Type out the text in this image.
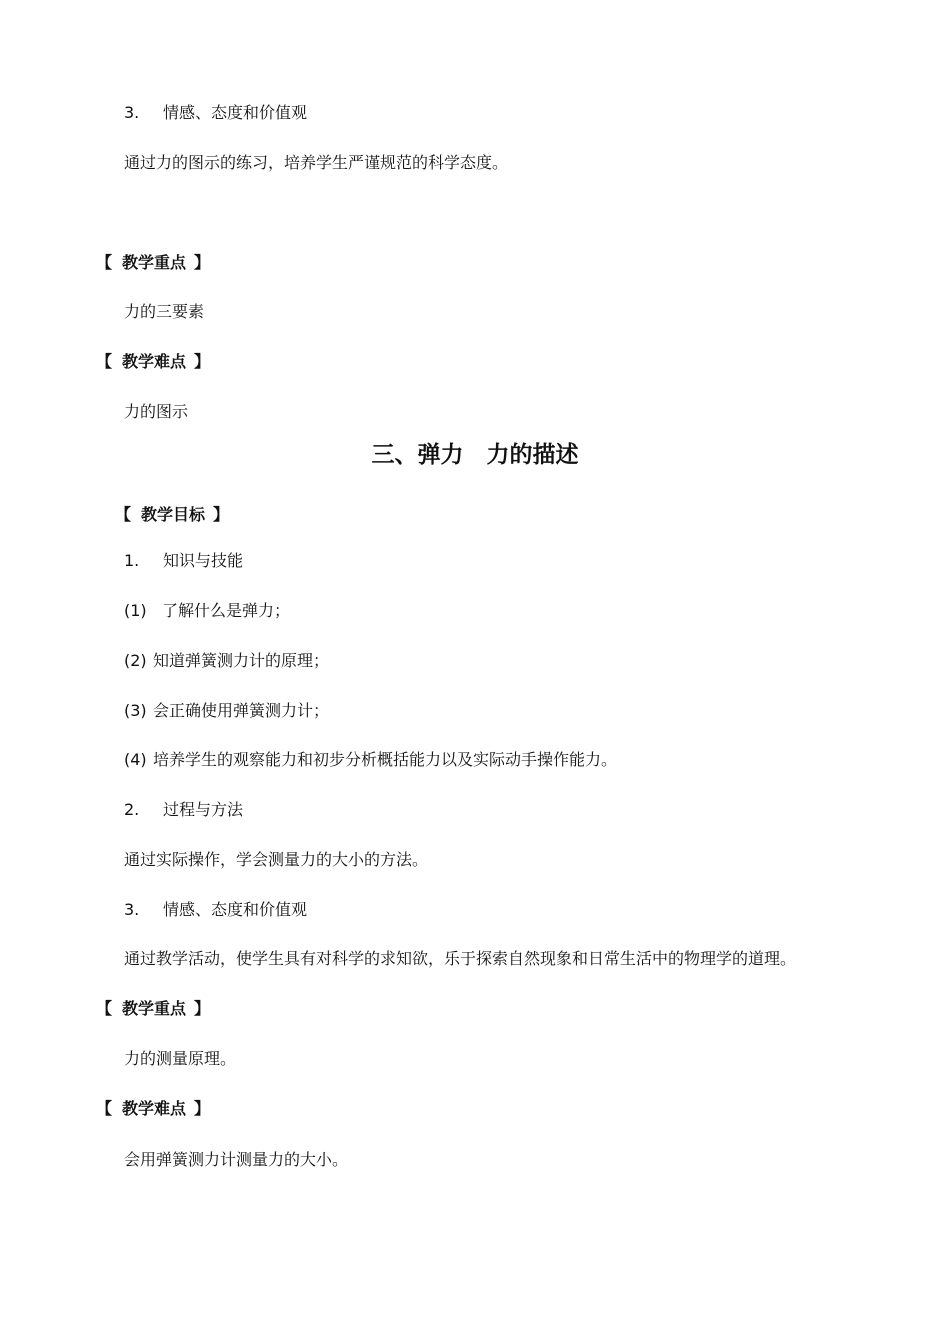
3. 情感、态度和价值观
通过力的图示的练习，培养学生严谨规范的科学态度。
【 教学重点 】
力的三要素
【 教学难点 】
力的图示
三、弹力　力的描述
【 教学目标 】
1. 知识与技能
(1) 了解什么是弹力；
(2) 知道弹簧测力计的原理；
(3) 会正确使用弹簧测力计；
(4) 培养学生的观察能力和初步分析概括能力以及实际动手操作能力。
2. 过程与方法
通过实际操作，学会测量力的大小的方法。
3. 情感、态度和价值观
通过教学活动，使学生具有对科学的求知欲，乐于探索自然现象和日常生活中的物理学的道理。
【 教学重点 】
力的测量原理。
【 教学难点 】
会用弹簧测力计测量力的大小。
